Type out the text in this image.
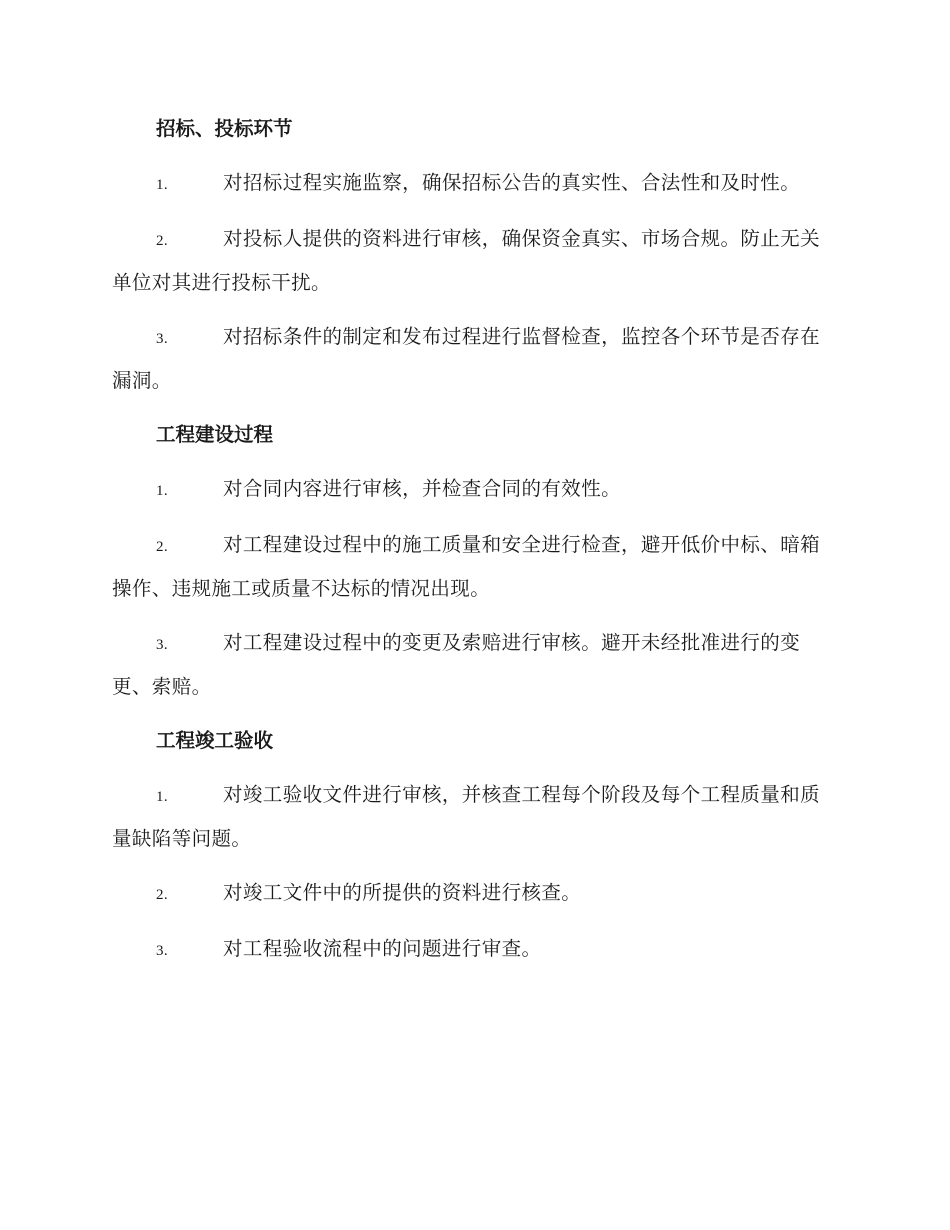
招标、投标环节

1.	对招标过程实施监察，确保招标公告的真实性、合法性和及时性。

2.	对投标人提供的资料进行审核，确保资金真实、市场合规。防止无关单位对其进行投标干扰。

3.	对招标条件的制定和发布过程进行监督检查，监控各个环节是否存在漏洞。

工程建设过程

1.	对合同内容进行审核，并检查合同的有效性。

2.	对工程建设过程中的施工质量和安全进行检查，避开低价中标、暗箱操作、违规施工或质量不达标的情况出现。

3.	对工程建设过程中的变更及索赔进行审核。避开未经批准进行的变更、索赔。

工程竣工验收

1.	对竣工验收文件进行审核，并核查工程每个阶段及每个工程质量和质量缺陷等问题。

2.	对竣工文件中的所提供的资料进行核查。

3.	对工程验收流程中的问题进行审查。
